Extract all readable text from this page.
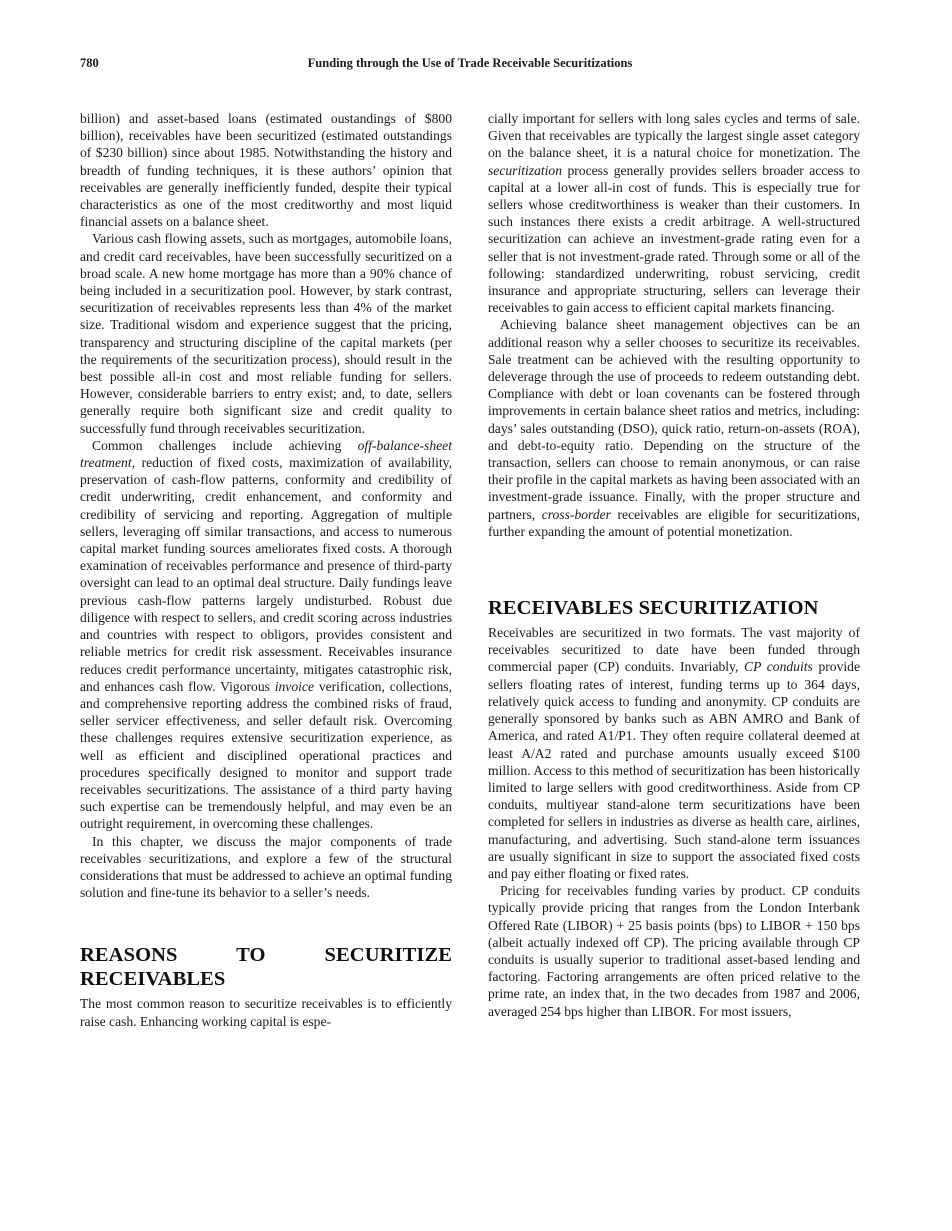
780	Funding through the Use of Trade Receivable Securitizations

billion) and asset-based loans (estimated oustandings of $800 billion), receivables have been securitized (estimated outstandings of $230 billion) since about 1985. Notwithstanding the history and breadth of funding techniques, it is these authors’ opinion that receivables are generally inefficiently funded, despite their typical characteristics as one of the most creditworthy and most liquid financial assets on a balance sheet.

Various cash flowing assets, such as mortgages, automobile loans, and credit card receivables, have been successfully securitized on a broad scale. A new home mortgage has more than a 90% chance of being included in a securitization pool. However, by stark contrast, securitization of receivables represents less than 4% of the market size. Traditional wisdom and experience suggest that the pricing, transparency and structuring discipline of the capital markets (per the requirements of the securitization process), should result in the best possible all-in cost and most reliable funding for sellers. However, considerable barriers to entry exist; and, to date, sellers generally require both significant size and credit quality to successfully fund through receivables securitization.

Common challenges include achieving off-balance-sheet treatment, reduction of fixed costs, maximization of availability, preservation of cash-flow patterns, conformity and credibility of credit underwriting, credit enhancement, and conformity and credibility of servicing and reporting. Aggregation of multiple sellers, leveraging off similar transactions, and access to numerous capital market funding sources ameliorates fixed costs. A thorough examination of receivables performance and presence of third-party oversight can lead to an optimal deal structure. Daily fundings leave previous cash-flow patterns largely undisturbed. Robust due diligence with respect to sellers, and credit scoring across industries and countries with respect to obligors, provides consistent and reliable metrics for credit risk assessment. Receivables insurance reduces credit performance uncertainty, mitigates catastrophic risk, and enhances cash flow. Vigorous invoice verification, collections, and comprehensive reporting address the combined risks of fraud, seller servicer effectiveness, and seller default risk. Overcoming these challenges requires extensive securitization experience, as well as efficient and disciplined operational practices and procedures specifically designed to monitor and support trade receivables securitizations. The assistance of a third party having such expertise can be tremendously helpful, and may even be an outright requirement, in overcoming these challenges.

In this chapter, we discuss the major components of trade receivables securitizations, and explore a few of the structural considerations that must be addressed to achieve an optimal funding solution and fine-tune its behavior to a seller’s needs.

REASONS TO SECURITIZE RECEIVABLES

The most common reason to securitize receivables is to efficiently raise cash. Enhancing working capital is espe-

cially important for sellers with long sales cycles and terms of sale. Given that receivables are typically the largest single asset category on the balance sheet, it is a natural choice for monetization. The securitization process generally provides sellers broader access to capital at a lower all-in cost of funds. This is especially true for sellers whose creditworthiness is weaker than their customers. In such instances there exists a credit arbitrage. A well-structured securitization can achieve an investment-grade rating even for a seller that is not investment-grade rated. Through some or all of the following: standardized underwriting, robust servicing, credit insurance and appropriate structuring, sellers can leverage their receivables to gain access to efficient capital markets financing.

Achieving balance sheet management objectives can be an additional reason why a seller chooses to securitize its receivables. Sale treatment can be achieved with the resulting opportunity to deleverage through the use of proceeds to redeem outstanding debt. Compliance with debt or loan covenants can be fostered through improvements in certain balance sheet ratios and metrics, including: days’ sales outstanding (DSO), quick ratio, return-on-assets (ROA), and debt-to-equity ratio. Depending on the structure of the transaction, sellers can choose to remain anonymous, or can raise their profile in the capital markets as having been associated with an investment-grade issuance. Finally, with the proper structure and partners, cross-border receivables are eligible for securitizations, further expanding the amount of potential monetization.

RECEIVABLES SECURITIZATION

Receivables are securitized in two formats. The vast majority of receivables securitized to date have been funded through commercial paper (CP) conduits. Invariably, CP conduits provide sellers floating rates of interest, funding terms up to 364 days, relatively quick access to funding and anonymity. CP conduits are generally sponsored by banks such as ABN AMRO and Bank of America, and rated A1/P1. They often require collateral deemed at least A/A2 rated and purchase amounts usually exceed $100 million. Access to this method of securitization has been historically limited to large sellers with good creditworthiness. Aside from CP conduits, multiyear stand-alone term securitizations have been completed for sellers in industries as diverse as health care, airlines, manufacturing, and advertising. Such stand-alone term issuances are usually significant in size to support the associated fixed costs and pay either floating or fixed rates.

Pricing for receivables funding varies by product. CP conduits typically provide pricing that ranges from the London Interbank Offered Rate (LIBOR) + 25 basis points (bps) to LIBOR + 150 bps (albeit actually indexed off CP). The pricing available through CP conduits is usually superior to traditional asset-based lending and factoring. Factoring arrangements are often priced relative to the prime rate, an index that, in the two decades from 1987 and 2006, averaged 254 bps higher than LIBOR. For most issuers,
